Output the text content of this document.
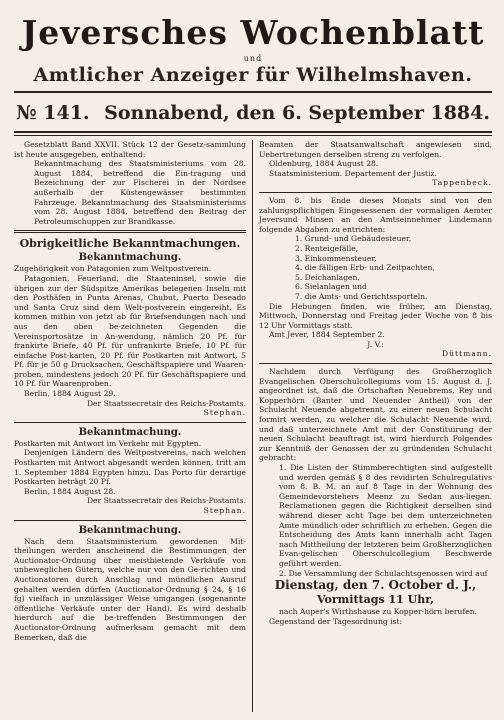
Jeversches Wochenblatt
und
Amtlicher Anzeiger für Wilhelmshaven.
№ 141. Sonnabend, den 6. September 1884.

Gesetzblatt Band XXVII. Stück 12 der Gesetz-sammlung ist heute ausgegeben, enthaltend:

Bekanntmachung des Staatsministeriums vom 28. August 1884, betreffend die Ein-tragung und Bezeichnung der zur Fischerei in der Nordsee außerhalb der Küstengewässer bestimmten Fahrzeuge. Bekanntmachung des Staatsministeriums vom 28. August 1884, betreffend den Beitrag der Petroleumschuppen zur Brandkasse.

Obrigkeitliche Bekanntmachungen.
Bekanntmachung.

Zugehörigkeit von Patagonien zum Weltpostverein.

Patagonien, Feuerland, die Staateninsel, sowie die übrigen zur der Südspitze Amerikas belegenen Inseln mit den Posthäfen in Punta Arenas, Chubut, Puerto Deseado und Santa Cruz sind dem Welt-postverein eingereiht. Es kommen mithin von jetzt ab für Briefsendungen nach und aus den oben be-zeichneten Gegenden die Vereinsportosätze in An-wendung, nämlich 20 Pf. für frankirte Briefe, 40 Pf. für unfrankirte Briefe, 10 Pf. für einfache Post-karten, 20 Pf. für Postkarten mit Antwort, 5 Pf. für je 50 g Drucksachen, Geschäftspapiere und Waaren-proben, mindestens jedoch 20 Pf. für Geschäftspapiere und 10 Pf. für Waarenproben.

Berlin, 1884 August 29.

Der Staatssecretair des Reichs-Postamts.

Stephan.
Bekanntmachung.

Postkarten mit Antwort im Verkehr mit Egypten.

Denjenigen Ländern des Weltpostvereins, nach welchen Postkarten mit Antwort abgesandt werden können, tritt am 1. September 1884 Egypten hinzu. Das Porto für derartige Postkarten beträgt 20 Pf.

Berlin, 1884 August 28.

Der Staatssecretair des Reichs-Postamts.

Stephan.
Bekanntmachung.

Nach dem Staatsministerium gewordenen Mit-theilungen werden anscheinend die Bestimmungen der Auctionator-Ordnung über meistbietende Verkäufe von unbeweglichen Gütern, welche nur von den Ge-richten und Auctionatoren durch Anschlag und mündlichen Ausruf gehalten werden dürfen (Auctionator-Ordnung § 24, § 16 fg) vielfach in unzulässiger Weise umgangen (sogenannte öffentliche Verkäufe unter der Hand). Es wird deshalb hierdurch auf die be-treffenden Bestimmungen der Auctionator-Ordnung aufmerksam gemacht mit dem Bemerken, daß die

Beamten der Staatsanwaltschaft angewiesen sind, Uebertretungen derselben streng zu verfolgen.

Oldenburg, 1884 August 28.

Staatsministerium. Departement der Justiz.

Tappenbeck.

Vom 8. bis Ende dieses Monats sind von den zahlungspflichtigen Eingesessenen der vormaligen Aemter Jeversund Minsen an den Amtseinnehmer Lindemann folgende Abgaben zu entrichten:

1. Grund- und Gebäudesteuer,

2. Renteigefälle,

3. Einkommensteuer,

4. die fälligen Erb- und Zeitpachten,

5. Deichanlagen,

6. Sielanlagen und

7. die Amts- und Gerichtssporteln.

Die Hebungen finden, wie früher, am Dienstag, Mittwoch, Donnerstag und Freitag jeder Woche von 8 bis 12 Uhr Vormittags statt.

Amt Jever, 1884 September 2.

J. V.:

Düttmann.

Nachdem durch Verfügung des Großherzoglich Evangelischen Oberschulcollegiums vom 15. August d. J. angeordnet ist, daß die Ortschaften Neuebrems, Rey und Kopperhörn (Banter und Neuender Antheil) von der Schulacht Neuende abgetrennt, zu einer neuen Schulacht formirt werden, zu welcher die Schulacht Neuende wird, und daß unterzeichnete Amt mit der Constituirung der neuen Schulacht beauftragt ist, wird hierdurch Folgendes zur Kenntniß der Genossen der zu gründenden Schulacht gebracht:

1. Die Listen der Stimmberechtigten sind aufgestellt und werden gemäß § 8 des revidirten Schulregulativs vom 8. B. M. an auf 8 Tage in der Wohnung des Gemeindevorstehers Meenz zu Sedan aus-liegen. Reclamationen gegen die Richtigkeit derselben sind während dieser acht Tage bei dem unterzeichneten Amte mündlich oder schriftlich zu erheben. Gegen die Entscheidung des Amts kann innerhalb acht Tagen nach Mittheilung der letzteren beim Großherzoglichen Evan-gelischen Oberschulcollegium Beschwerde geführt werden.

2. Die Versammlung der Schulachtsgenossen wird auf

Dienstag, den 7. October d. J.,
Vormittags 11 Uhr,

nach Auper's Wirthshause zu Kopper-hörn berufen.

Gegenstand der Tagesordnung ist:
